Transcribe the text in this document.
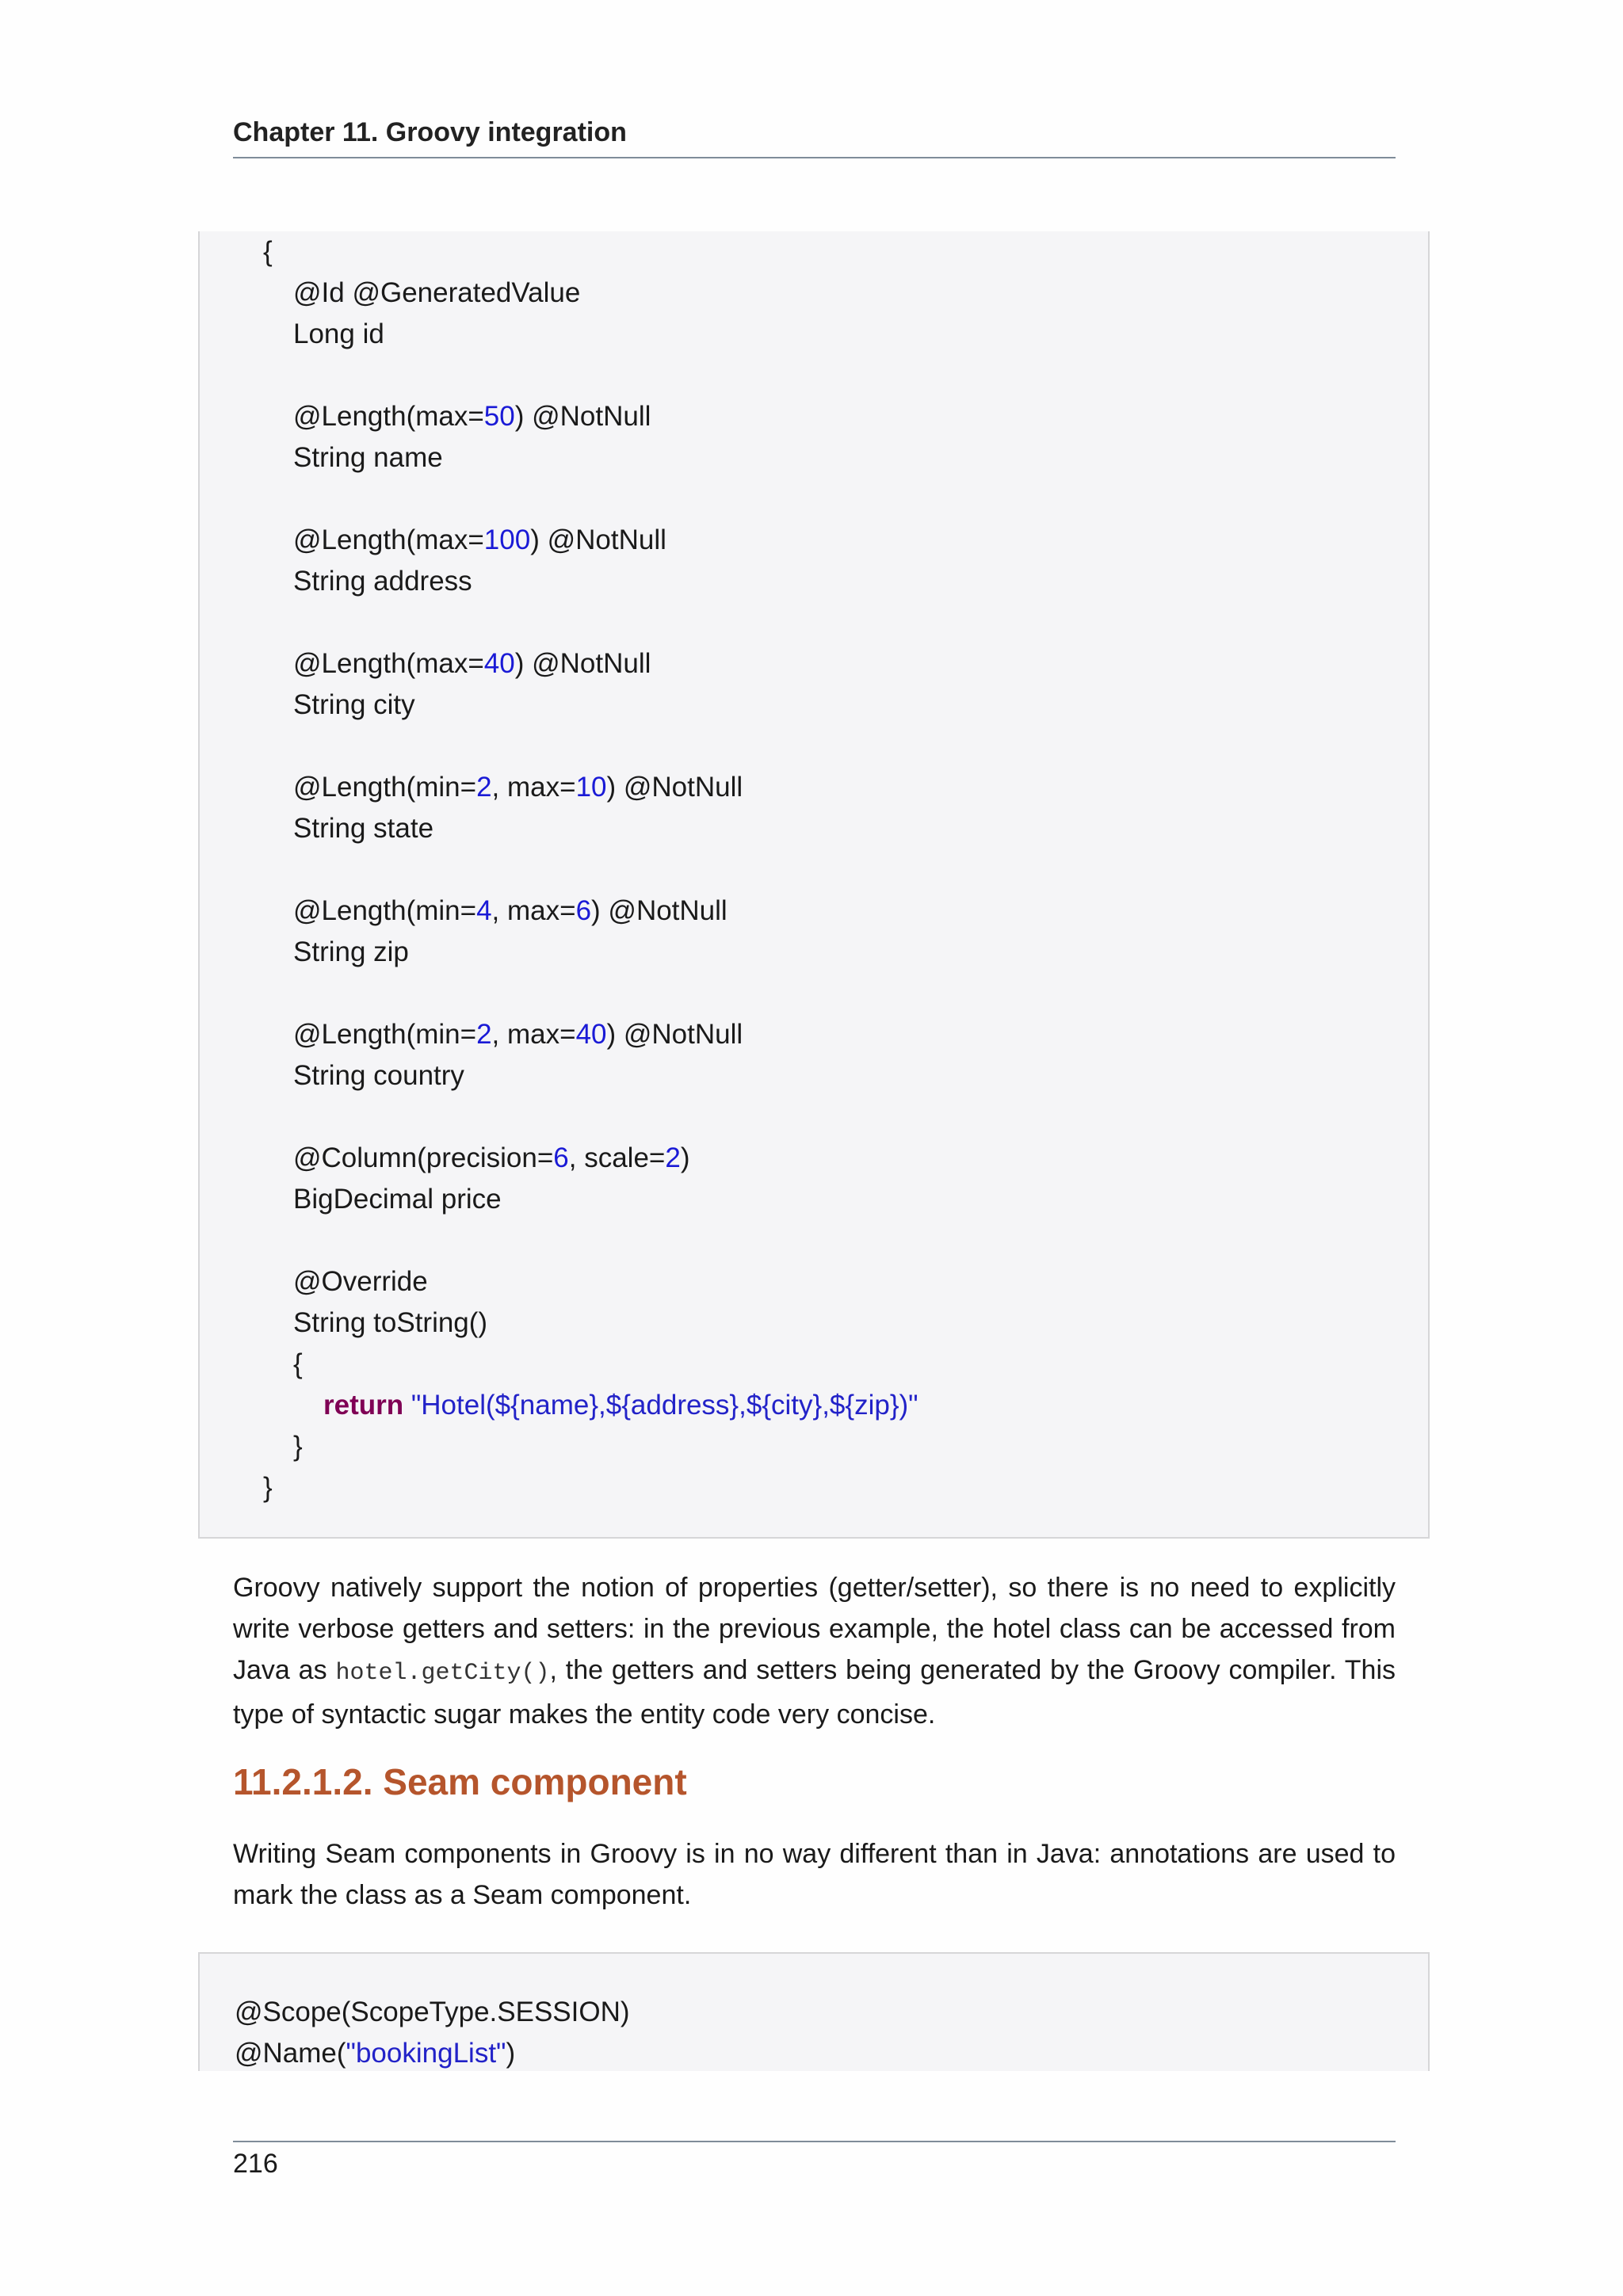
Chapter 11. Groovy integration
{
@Id @GeneratedValue
Long id
@Length(max=50) @NotNull
String name
@Length(max=100) @NotNull
String address
@Length(max=40) @NotNull
String city
@Length(min=2, max=10) @NotNull
String state
@Length(min=4, max=6) @NotNull
String zip
@Length(min=2, max=40) @NotNull
String country
@Column(precision=6, scale=2)
BigDecimal price
@Override
String toString()
{
return "Hotel(${name},${address},${city},${zip})"
}
}
Groovy natively support the notion of properties (getter/setter), so there is no need to explicitly write verbose getters and setters: in the previous example, the hotel class can be accessed from Java as hotel.getCity(), the getters and setters being generated by the Groovy compiler. This type of syntactic sugar makes the entity code very concise.
11.2.1.2. Seam component
Writing Seam components in Groovy is in no way different than in Java: annotations are used to mark the class as a Seam component.
@Scope(ScopeType.SESSION)
@Name("bookingList")
216
